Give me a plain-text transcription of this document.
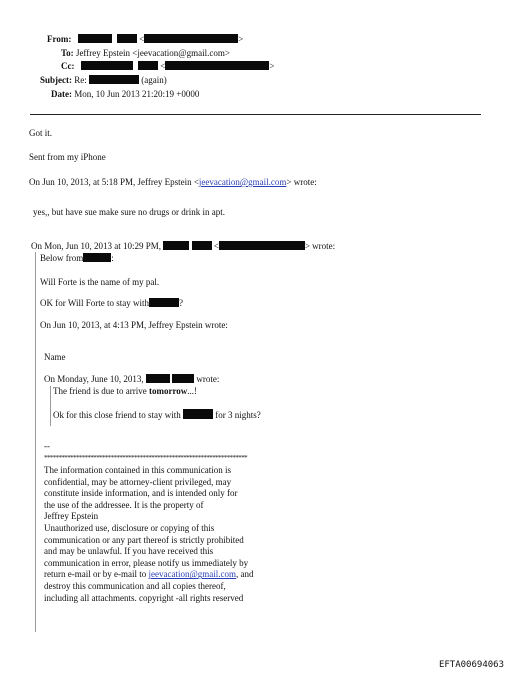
From:	<	>
To: Jeffrey Epstein <jeevacation@gmail.com>
Cc:	<	>
Subject: Re:	(again)
Date: Mon, 10 Jun 2013 21:20:19 +0000
Got it.
Sent from my iPhone
On Jun 10, 2013, at 5:18 PM, Jeffrey Epstein <jeevacation@gmail.com> wrote:
yes,, but have sue make sure no drugs or drink in apt.
On Mon, Jun 10, 2013 at 10:29 PM,	<	> wrote:
Below from	:
Will Forte is the name of my pal.
OK for Will Forte to stay with	?
On Jun 10, 2013, at 4:13 PM, Jeffrey Epstein wrote:
Name
On Monday, June 10, 2013,	wrote:
The friend is due to arrive tomorrow...!
Ok for this close friend to stay with	for 3 nights?
--
**********************************************************************
The information contained in this communication is
confidential, may be attorney-client privileged, may
constitute inside information, and is intended only for
the use of the addressee. It is the property of
Jeffrey Epstein
Unauthorized use, disclosure or copying of this
communication or any part thereof is strictly prohibited
and may be unlawful. If you have received this
communication in error, please notify us immediately by
return e-mail or by e-mail to jeevacation@gmail.com, and
destroy this communication and all copies thereof,
including all attachments. copyright -all rights reserved
EFTA00694063
